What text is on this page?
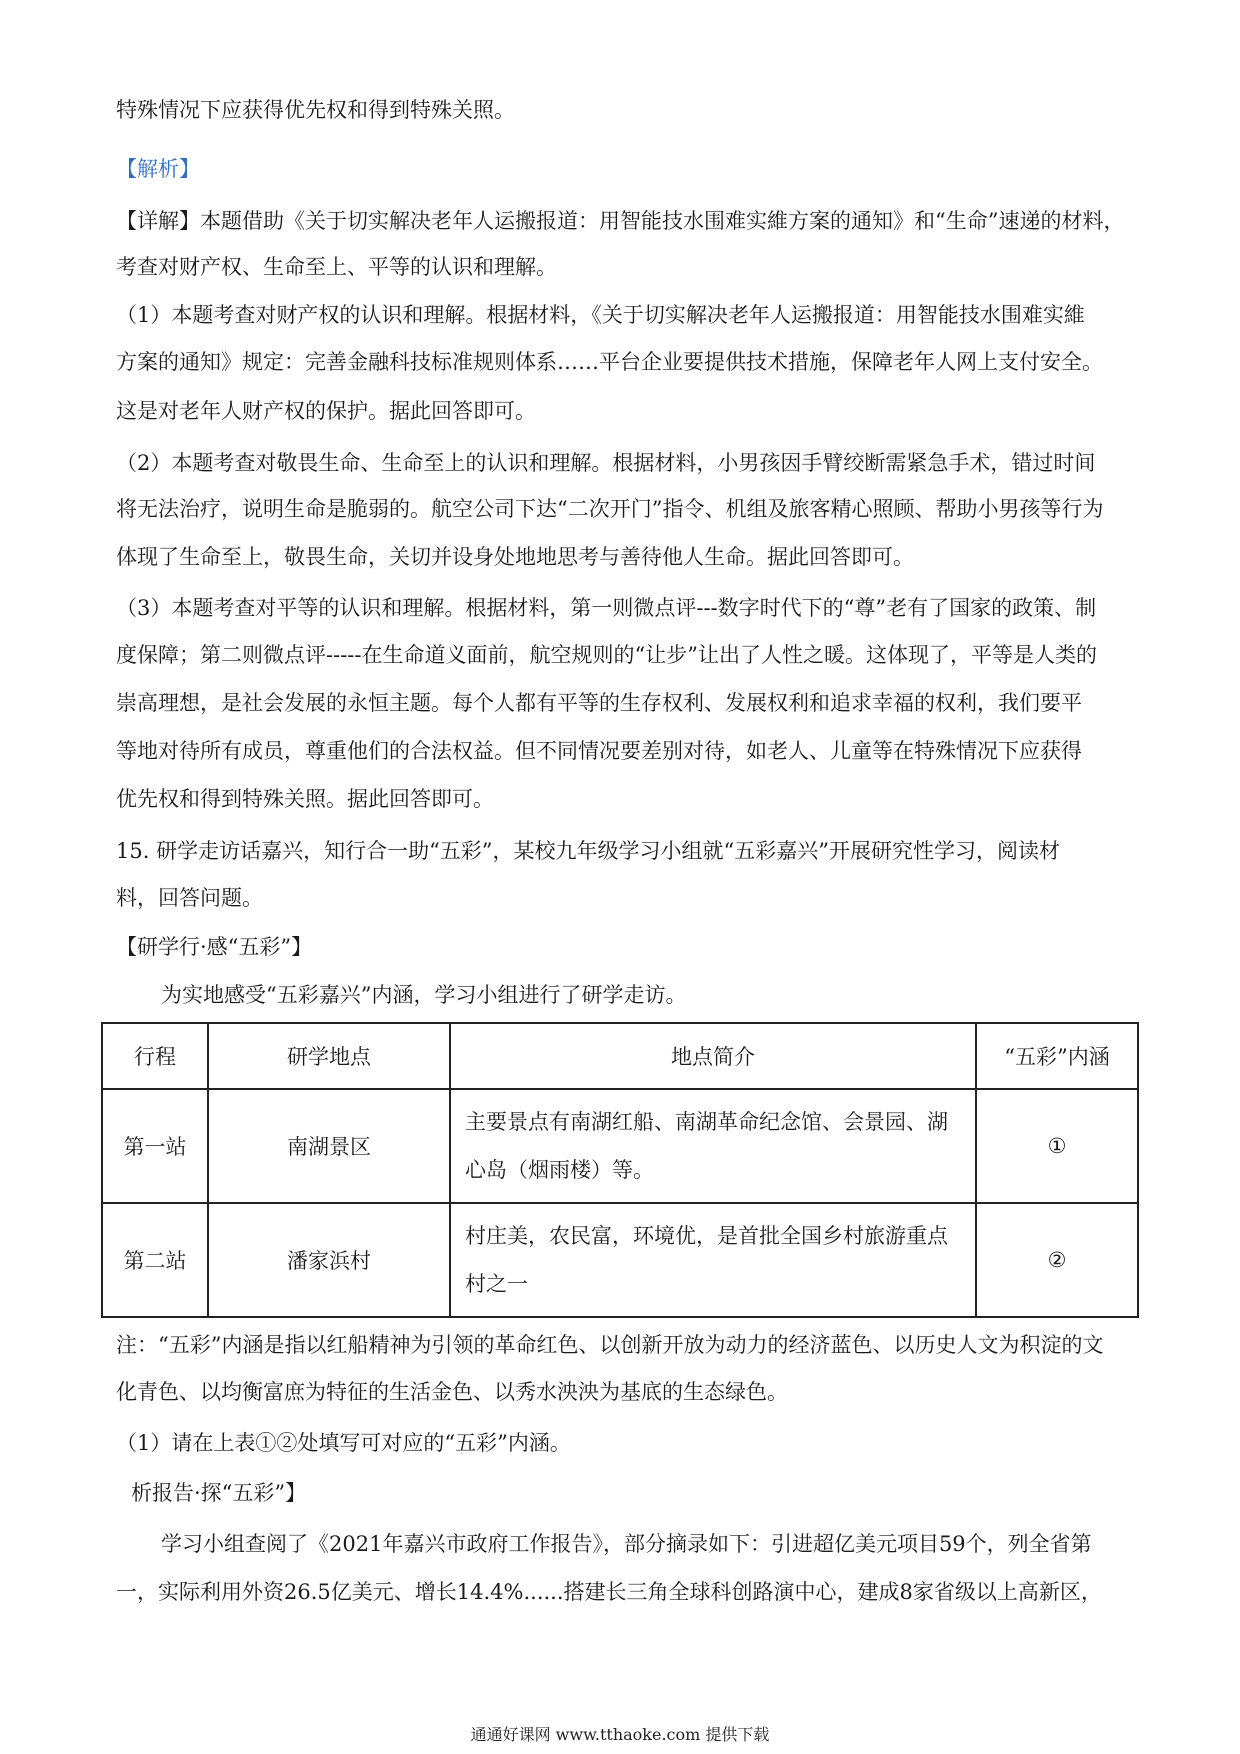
特殊情况下应获得优先权和得到特殊关照。
【解析】
【详解】本题借助《关于切实解决老年人运搬报道：用智能技水围难实維方案的通知》和“生命”速递的材料，
考查对财产权、生命至上、平等的认识和理解。
（1）本题考查对财产权的认识和理解。根据材料，《关于切实解决老年人运搬报道：用智能技水围难实維
方案的通知》规定：完善金融科技标准规则体系……平台企业要提供技术措施，保障老年人网上支付安全。
这是对老年人财产权的保护。据此回答即可。
（2）本题考查对敬畏生命、生命至上的认识和理解。根据材料，小男孩因手臂绞断需紧急手术，错过时间
将无法治疗，说明生命是脆弱的。航空公司下达“二次开门”指令、机组及旅客精心照顾、帮助小男孩等行为
体现了生命至上，敬畏生命，关切并设身处地地思考与善待他人生命。据此回答即可。
（3）本题考查对平等的认识和理解。根据材料，第一则微点评---数字时代下的“尊”老有了国家的政策、制
度保障；第二则微点评-----在生命道义面前，航空规则的“让步”让出了人性之暖。这体现了，平等是人类的
崇高理想，是社会发展的永恒主题。每个人都有平等的生存权利、发展权利和追求幸福的权利，我们要平
等地对待所有成员，尊重他们的合法权益。但不同情况要差别对待，如老人、儿童等在特殊情况下应获得
优先权和得到特殊关照。据此回答即可。
15. 研学走访话嘉兴，知行合一助“五彩”，某校九年级学习小组就“五彩嘉兴”开展研究性学习，阅读材
料，回答问题。
【研学行·感“五彩”】
为实地感受“五彩嘉兴”内涵，学习小组进行了研学走访。
行程	研学地点	地点简介	“五彩”内涵
第一站	南湖景区	主要景点有南湖红船、南湖革命纪念馆、会景园、湖心岛（烟雨楼）等。	①
第二站	潘家浜村	村庄美，农民富，环境优，是首批全国乡村旅游重点村之一	②
注：“五彩”内涵是指以红船精神为引领的革命红色、以创新开放为动力的经济蓝色、以历史人文为积淀的文
化青色、以均衡富庶为特征的生活金色、以秀水泱泱为基底的生态绿色。
（1）请在上表①②处填写可对应的“五彩”内涵。
析报告·探“五彩”】
学习小组查阅了《2021年嘉兴市政府工作报告》，部分摘录如下：引进超亿美元项目59个，列全省第
一，实际利用外资26.5亿美元、增长14.4%......搭建长三角全球科创路演中心，建成8家省级以上高新区，
通通好课网 www.tthaoke.com 提供下载
